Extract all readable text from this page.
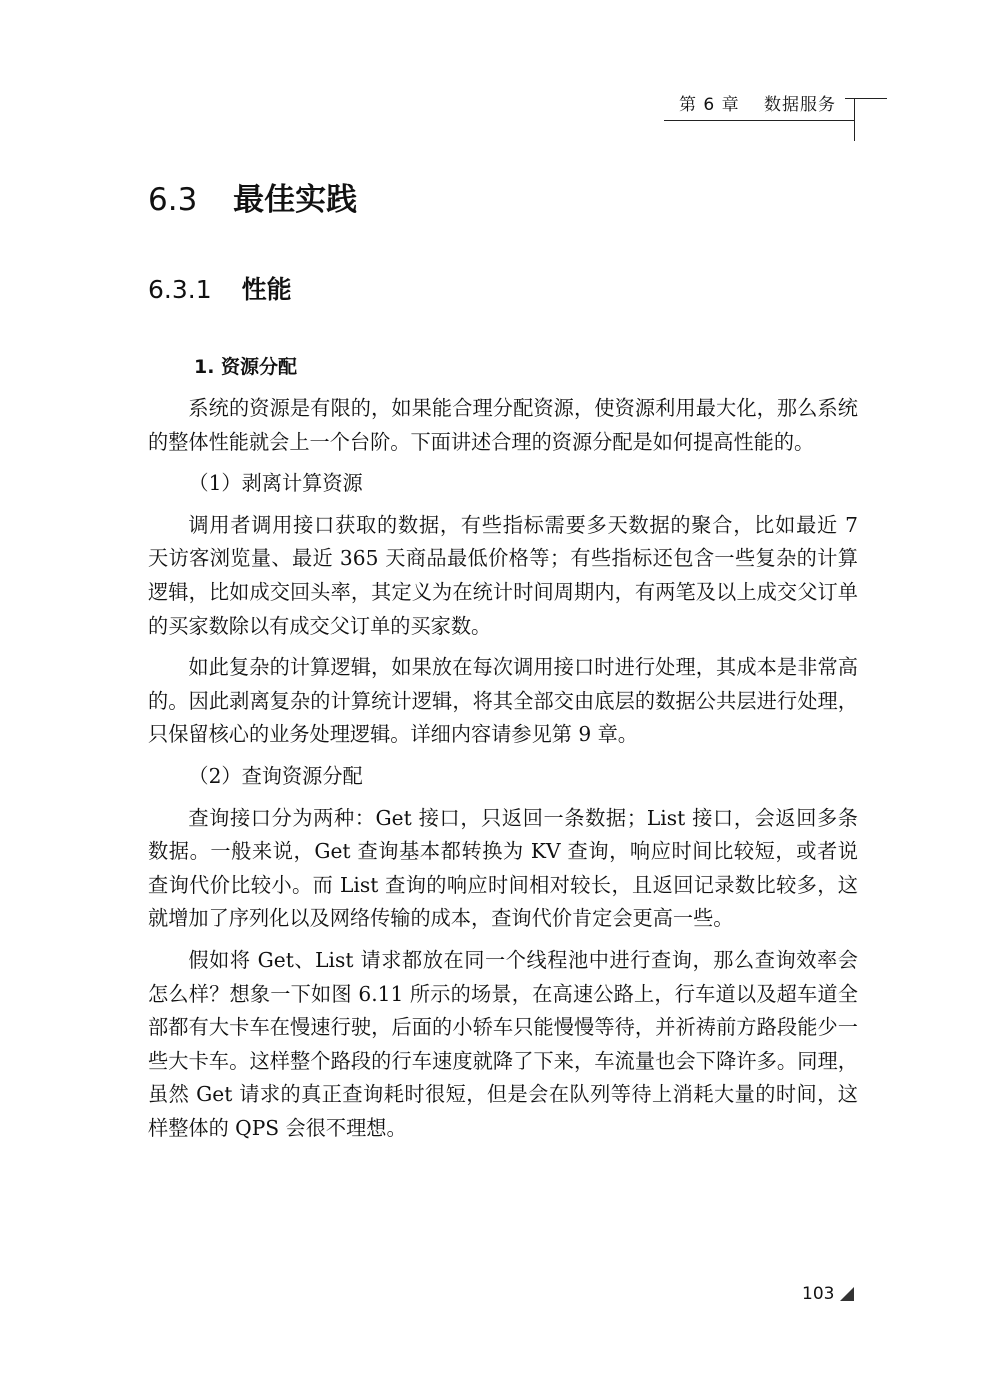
第 6 章 数据服务
6.3 最佳实践
6.3.1 性能
1. 资源分配

系统的资源是有限的，如果能合理分配资源，使资源利用最大化，那么系统的整体性能就会上一个台阶。下面讲述合理的资源分配是如何提高性能的。

（1）剥离计算资源

调用者调用接口获取的数据，有些指标需要多天数据的聚合，比如最近 7 天访客浏览量、最近 365 天商品最低价格等；有些指标还包含一些复杂的计算逻辑，比如成交回头率，其定义为在统计时间周期内，有两笔及以上成交父订单的买家数除以有成交父订单的买家数。

如此复杂的计算逻辑，如果放在每次调用接口时进行处理，其成本是非常高的。因此剥离复杂的计算统计逻辑，将其全部交由底层的数据公共层进行处理，只保留核心的业务处理逻辑。详细内容请参见第 9 章。

（2）查询资源分配

查询接口分为两种：Get 接口，只返回一条数据；List 接口，会返回多条数据。一般来说，Get 查询基本都转换为 KV 查询，响应时间比较短，或者说查询代价比较小。而 List 查询的响应时间相对较长，且返回记录数比较多，这就增加了序列化以及网络传输的成本，查询代价肯定会更高一些。

假如将 Get、List 请求都放在同一个线程池中进行查询，那么查询效率会怎么样？想象一下如图 6.11 所示的场景，在高速公路上，行车道以及超车道全部都有大卡车在慢速行驶，后面的小轿车只能慢慢等待，并祈祷前方路段能少一些大卡车。这样整个路段的行车速度就降了下来，车流量也会下降许多。同理，虽然 Get 请求的真正查询耗时很短，但是会在队列等待上消耗大量的时间，这样整体的 QPS 会很不理想。

103
